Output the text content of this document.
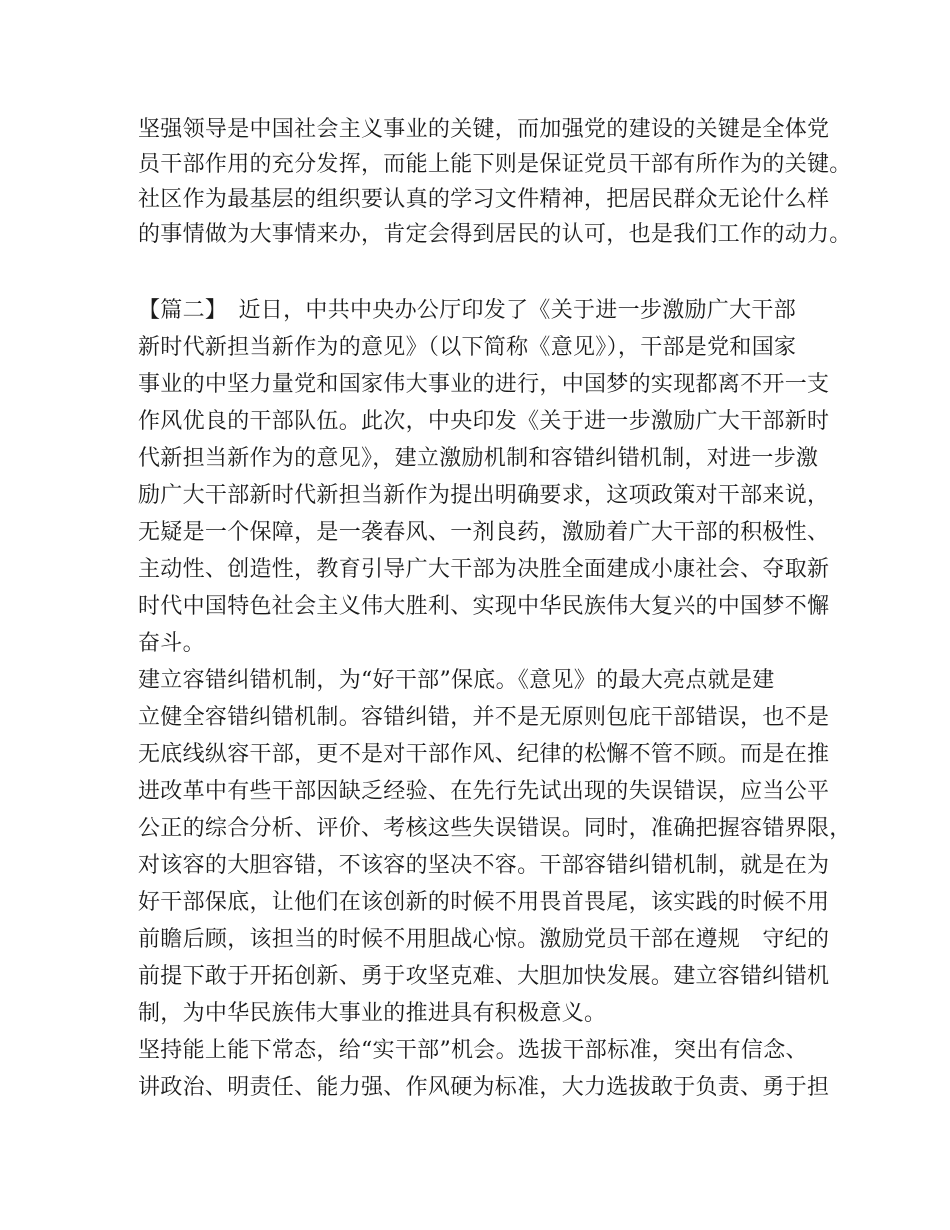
坚强领导是中国社会主义事业的关键，而加强党的建设的关键是全体党
员干部作用的充分发挥，而能上能下则是保证党员干部有所作为的关键。
社区作为最基层的组织要认真的学习文件精神，把居民群众无论什么样
的事情做为大事情来办，肯定会得到居民的认可，也是我们工作的动力。
【篇二】　近日，中共中央办公厅印发了《关于进一步激励广大干部
新时代新担当新作为的意见》（以下简称《意见》），干部是党和国家
事业的中坚力量党和国家伟大事业的进行，中国梦的实现都离不开一支
作风优良的干部队伍。此次，中央印发《关于进一步激励广大干部新时
代新担当新作为的意见》，建立激励机制和容错纠错机制，对进一步激
励广大干部新时代新担当新作为提出明确要求，这项政策对干部来说，
无疑是一个保障，是一袭春风、一剂良药，激励着广大干部的积极性、
主动性、创造性，教育引导广大干部为决胜全面建成小康社会、夺取新
时代中国特色社会主义伟大胜利、实现中华民族伟大复兴的中国梦不懈
奋斗。
建立容错纠错机制，为“好干部”保底。《意见》的最大亮点就是建
立健全容错纠错机制。容错纠错，并不是无原则包庇干部错误，也不是
无底线纵容干部，更不是对干部作风、纪律的松懈不管不顾。而是在推
进改革中有些干部因缺乏经验、在先行先试出现的失误错误，应当公平
公正的综合分析、评价、考核这些失误错误。同时，准确把握容错界限，
对该容的大胆容错，不该容的坚决不容。干部容错纠错机制，就是在为
好干部保底，让他们在该创新的时候不用畏首畏尾，该实践的时候不用
前瞻后顾，该担当的时候不用胆战心惊。激励党员干部在遵规　守纪的
前提下敢于开拓创新、勇于攻坚克难、大胆加快发展。建立容错纠错机
制，为中华民族伟大事业的推进具有积极意义。
坚持能上能下常态，给“实干部”机会。选拔干部标准，突出有信念、
讲政治、明责任、能力强、作风硬为标准，大力选拔敢于负责、勇于担
